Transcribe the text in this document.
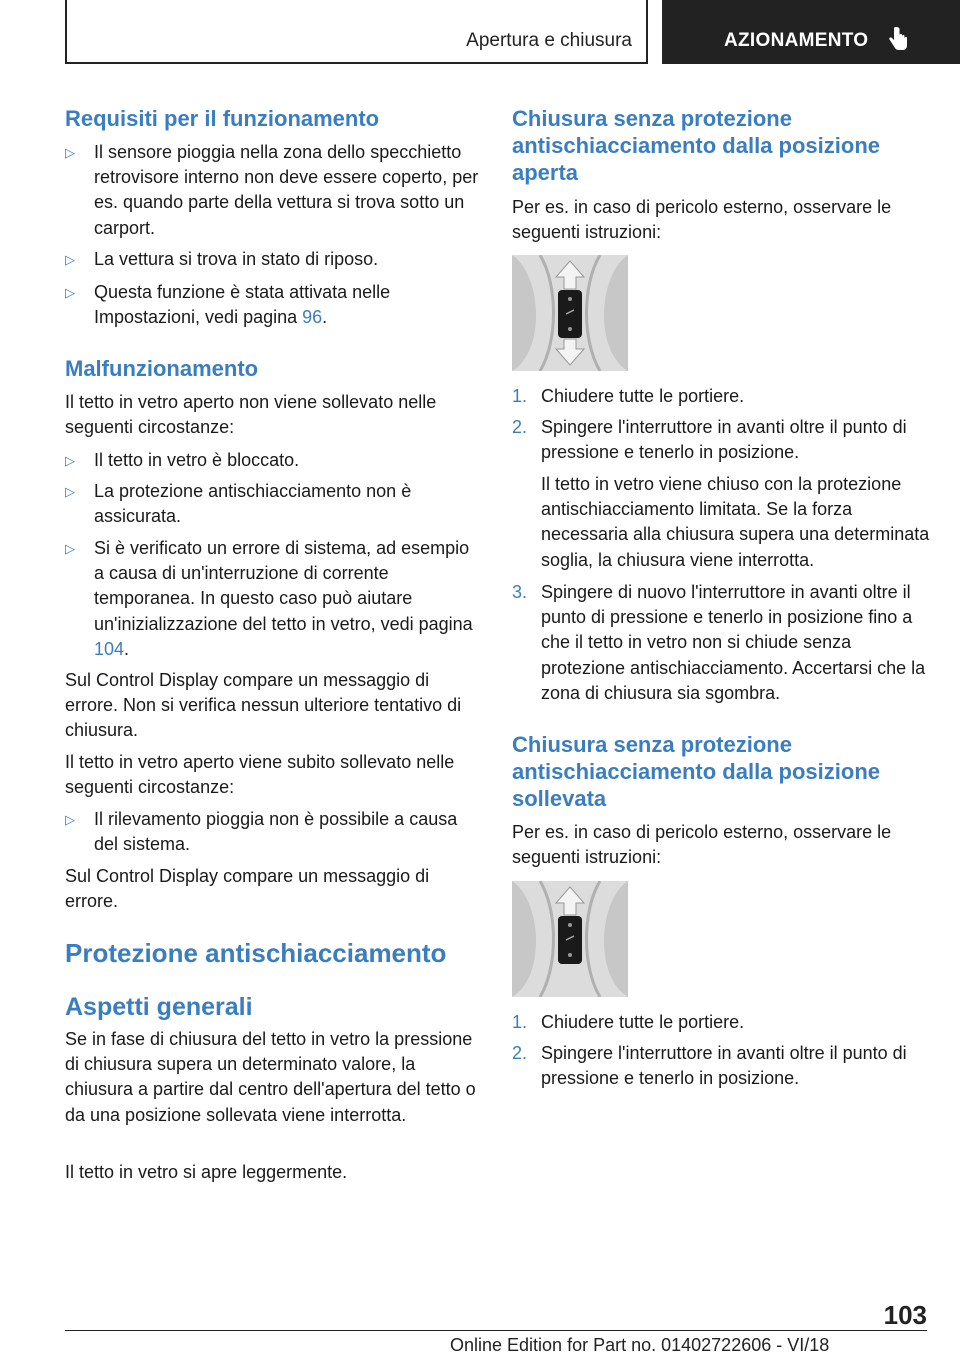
Apertura e chiusura	AZIONAMENTO
Requisiti per il funzionamento
▷ Il sensore pioggia nella zona dello specchietto retrovisore interno non deve essere coperto, per es. quando parte della vettura si trova sotto un carport.
▷ La vettura si trova in stato di riposo.
▷ Questa funzione è stata attivata nelle Impostazioni, vedi pagina 96.
Malfunzionamento

Il tetto in vetro aperto non viene sollevato nelle seguenti circostanze:

▷ Il tetto in vetro è bloccato.
▷ La protezione antischiacciamento non è assicurata.
▷ Si è verificato un errore di sistema, ad esempio a causa di un'interruzione di corrente temporanea. In questo caso può aiutare un'inizializzazione del tetto in vetro, vedi pagina 104.

Sul Control Display compare un messaggio di errore. Non si verifica nessun ulteriore tentativo di chiusura.

Il tetto in vetro aperto viene subito sollevato nelle seguenti circostanze:

▷ Il rilevamento pioggia non è possibile a causa del sistema.

Sul Control Display compare un messaggio di errore.

Protezione antischiacciamento
Aspetti generali

Se in fase di chiusura del tetto in vetro la pressione di chiusura supera un determinato valore, la chiusura a partire dal centro dell'apertura del tetto o da una posizione sollevata viene interrotta.

Il tetto in vetro si apre leggermente.

Chiusura senza protezione antischiacciamento dalla posizione aperta

Per es. in caso di pericolo esterno, osservare le seguenti istruzioni:

1. Chiudere tutte le portiere.
2. Spingere l'interruttore in avanti oltre il punto di pressione e tenerlo in posizione.
Il tetto in vetro viene chiuso con la protezione antischiacciamento limitata. Se la forza necessaria alla chiusura supera una determinata soglia, la chiusura viene interrotta.
3. Spingere di nuovo l'interruttore in avanti oltre il punto di pressione e tenerlo in posizione fino a che il tetto in vetro non si chiude senza protezione antischiacciamento. Accertarsi che la zona di chiusura sia sgombra.
Chiusura senza protezione antischiacciamento dalla posizione sollevata

Per es. in caso di pericolo esterno, osservare le seguenti istruzioni:

1. Chiudere tutte le portiere.
2. Spingere l'interruttore in avanti oltre il punto di pressione e tenerlo in posizione.
103
Online Edition for Part no. 01402722606 - VI/18
